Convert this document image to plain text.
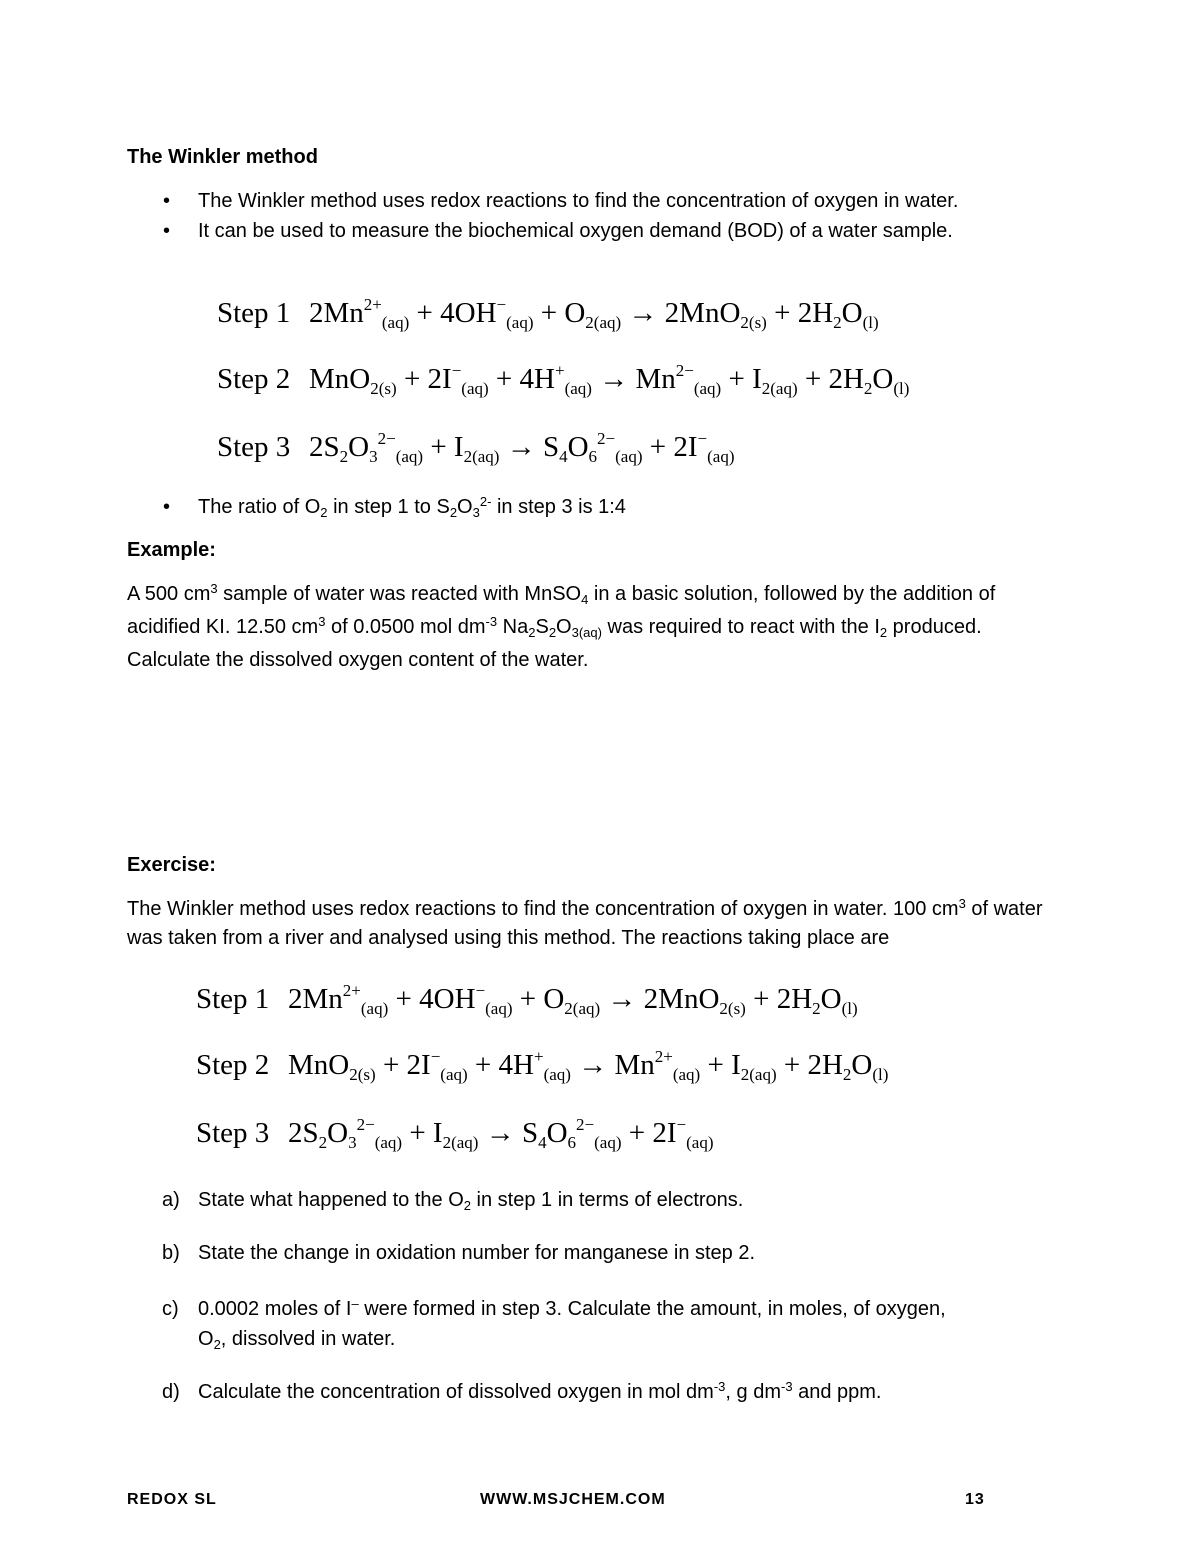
The Winkler method
• The Winkler method uses redox reactions to find the concentration of oxygen in water.
• It can be used to measure the biochemical oxygen demand (BOD) of a water sample.
Step 1 $2Mn^{2+}_{(aq)} + 4OH^-_{(aq)} + O_{2(aq)} \to 2MnO_{2(s)} + 2H_2O_{(l)}$
Step 2 $MnO_{2(s)} + 2I^-_{(aq)} + 4H^+_{(aq)} \to Mn^{2-}_{(aq)} + I_{2(aq)} + 2H_2O_{(l)}$
Step 3 $2S_2O_3^{2-}_{(aq)} + I_{2(aq)} \to S_4O_6^{2-}_{(aq)} + 2I^-_{(aq)}$
• The ratio of $O_2$ in step 1 to $S_2O_3^{2-}$ in step 3 is 1:4
Example:
A 500 $cm^3$ sample of water was reacted with MnSO$_4$ in a basic solution, followed by the addition of acidified KI. 12.50 $cm^3$ of 0.0500 mol $dm^{-3}$ $Na_2S_2O_{3(aq)}$ was required to react with the $I_2$ produced. Calculate the dissolved oxygen content of the water.
Exercise:
The Winkler method uses redox reactions to find the concentration of oxygen in water. 100 $cm^3$ of water was taken from a river and analysed using this method. The reactions taking place are
Step 1 $2Mn^{2+}_{(aq)} + 4OH^-_{(aq)} + O_{2(aq)} \to 2MnO_{2(s)} + 2H_2O_{(l)}$
Step 2 $MnO_{2(s)} + 2I^-_{(aq)} + 4H^+_{(aq)} \to Mn^{2+}_{(aq)} + I_{2(aq)} + 2H_2O_{(l)}$
Step 3 $2S_2O_3^{2-}_{(aq)} + I_{2(aq)} \to S_4O_6^{2-}_{(aq)} + 2I^-_{(aq)}$
a) State what happened to the $O_2$ in step 1 in terms of electrons.
b) State the change in oxidation number for manganese in step 2.
c) 0.0002 moles of I– were formed in step 3. Calculate the amount, in moles, of oxygen, $O_2$, dissolved in water.
d) Calculate the concentration of dissolved oxygen in mol $dm^{-3}$, g $dm^{-3}$ and ppm.
REDOX SL	WWW.MSJCHEM.COM	13
